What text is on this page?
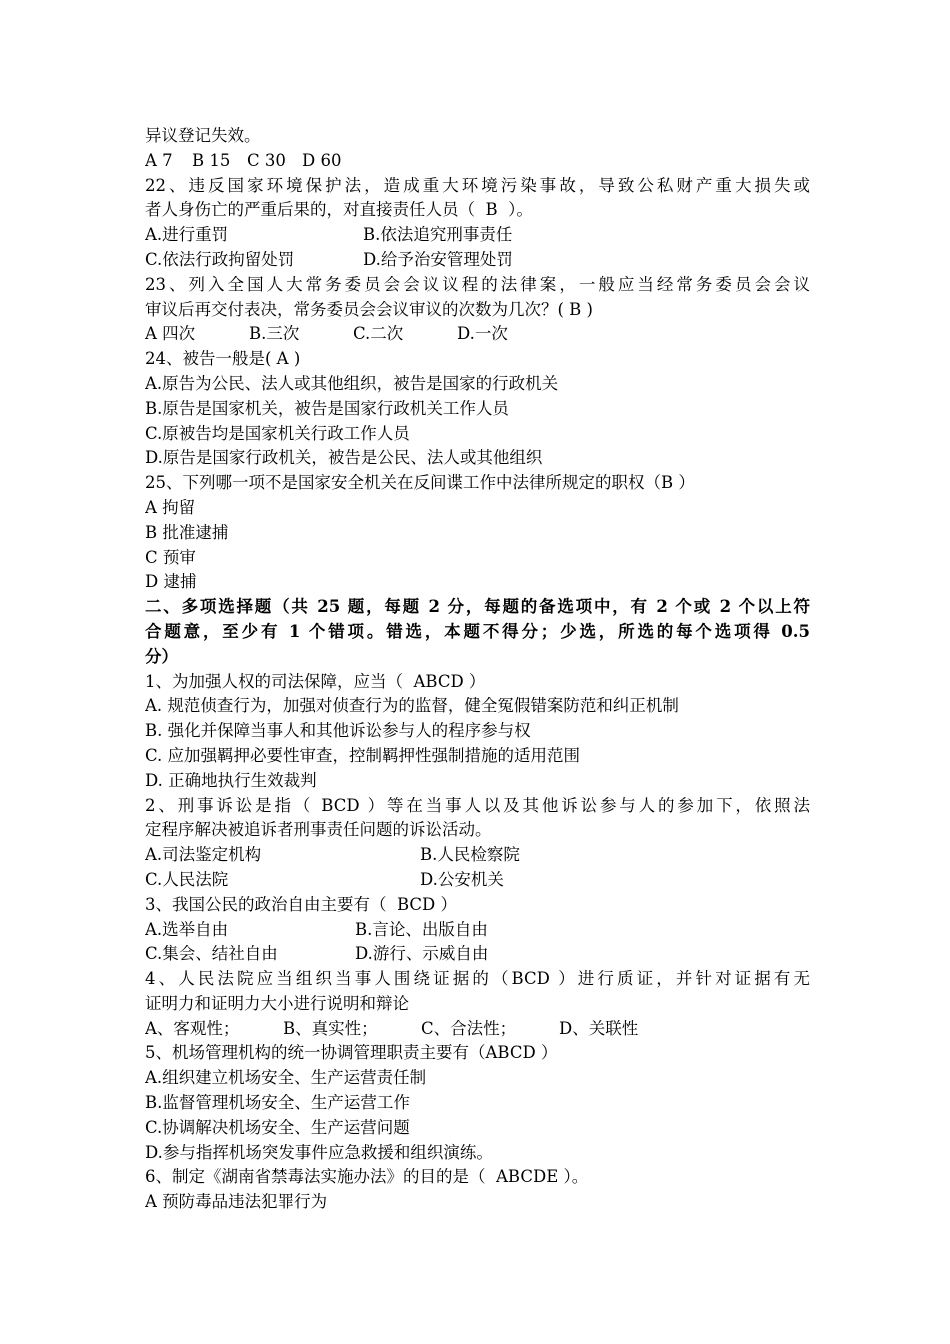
异议登记失效。
A 7	B 15	C 30 D 60
22、违反国家环境保护法，造成重大环境污染事故，导致公私财产重大损失或
者人身伤亡的严重后果的，对直接责任人员（  B  ）。
A.进行重罚	B.依法追究刑事责任
C.依法行政拘留处罚	D.给予治安管理处罚
23、列入全国人大常务委员会会议议程的法律案，一般应当经常务委员会会议
审议后再交付表决，常务委员会会议审议的次数为几次？( B )
A 四次	B.三次	C.二次	D.一次
24、被告一般是( A )
A.原告为公民、法人或其他组织，被告是国家的行政机关
B.原告是国家机关，被告是国家行政机关工作人员
C.原被告均是国家机关行政工作人员
D.原告是国家行政机关，被告是公民、法人或其他组织
25、下列哪一项不是国家安全机关在反间谍工作中法律所规定的职权（B ）
A 拘留
B 批准逮捕
C 预审
D 逮捕
二、多项选择题（共 25 题，每题 2 分，每题的备选项中，有 2 个或 2 个以上符
合题意，至少有 1 个错项。错选，本题不得分；少选，所选的每个选项得 0.5
分）
1、为加强人权的司法保障，应当（  ABCD ）
A. 规范侦查行为，加强对侦查行为的监督，健全冤假错案防范和纠正机制
B. 强化并保障当事人和其他诉讼参与人的程序参与权
C. 应加强羁押必要性审查，控制羁押性强制措施的适用范围
D. 正确地执行生效裁判
2、刑事诉讼是指（ BCD ）等在当事人以及其他诉讼参与人的参加下，依照法
定程序解决被追诉者刑事责任问题的诉讼活动。
A.司法鉴定机构	B.人民检察院
C.人民法院	D.公安机关
3、我国公民的政治自由主要有（  BCD ）
A.选举自由	B.言论、出版自由
C.集会、结社自由	D.游行、示威自由
4、人民法院应当组织当事人围绕证据的（BCD ）进行质证，并针对证据有无
证明力和证明力大小进行说明和辩论
A、客观性；	B、真实性；	C、合法性；	D、关联性
5、机场管理机构的统一协调管理职责主要有（ABCD ）
A.组织建立机场安全、生产运营责任制
B.监督管理机场安全、生产运营工作
C.协调解决机场安全、生产运营问题
D.参与指挥机场突发事件应急救援和组织演练。
6、制定《湖南省禁毒法实施办法》的目的是（  ABCDE ）。
A 预防毒品违法犯罪行为
